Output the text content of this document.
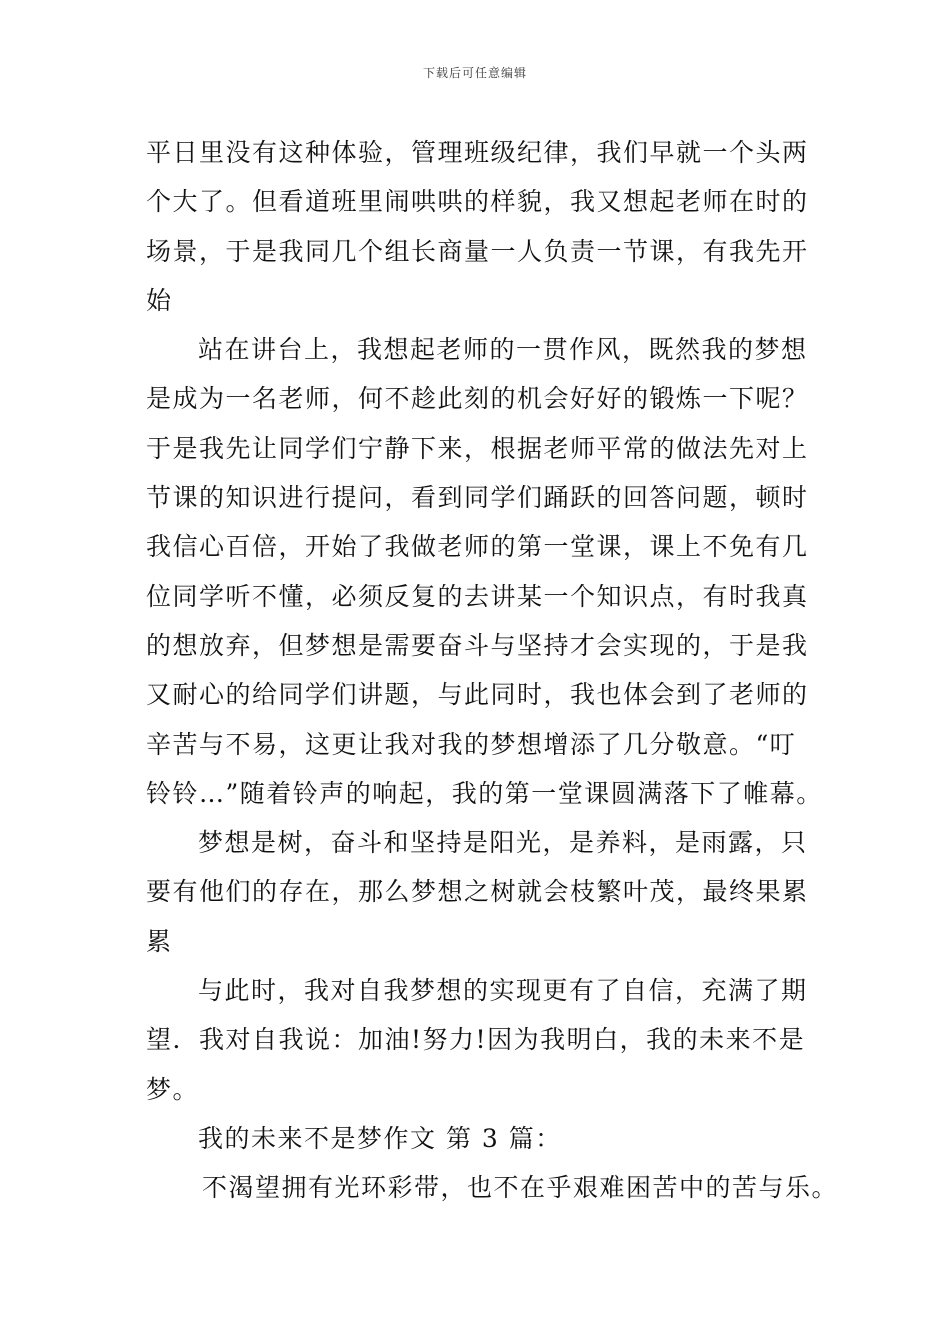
下载后可任意编辑

平日里没有这种体验，管理班级纪律，我们早就一个头两
个大了。但看道班里闹哄哄的样貌，我又想起老师在时的
场景，于是我同几个组长商量一人负责一节课，有我先开
始

站在讲台上，我想起老师的一贯作风，既然我的梦想
是成为一名老师，何不趁此刻的机会好好的锻炼一下呢？
于是我先让同学们宁静下来，根据老师平常的做法先对上
节课的知识进行提问，看到同学们踊跃的回答问题，顿时
我信心百倍，开始了我做老师的第一堂课，课上不免有几
位同学听不懂，必须反复的去讲某一个知识点，有时我真
的想放弃，但梦想是需要奋斗与坚持才会实现的，于是我
又耐心的给同学们讲题，与此同时，我也体会到了老师的
辛苦与不易，这更让我对我的梦想增添了几分敬意。“叮
铃铃…”随着铃声的响起，我的第一堂课圆满落下了帷幕。

梦想是树，奋斗和坚持是阳光，是养料，是雨露，只
要有他们的存在，那么梦想之树就会枝繁叶茂，最终果累
累

与此时，我对自我梦想的实现更有了自信，充满了期
望．我对自我说：加油!努力!因为我明白，我的未来不是
梦。

我的未来不是梦作文 第 3 篇：

不渴望拥有光环彩带，也不在乎艰难困苦中的苦与乐。
